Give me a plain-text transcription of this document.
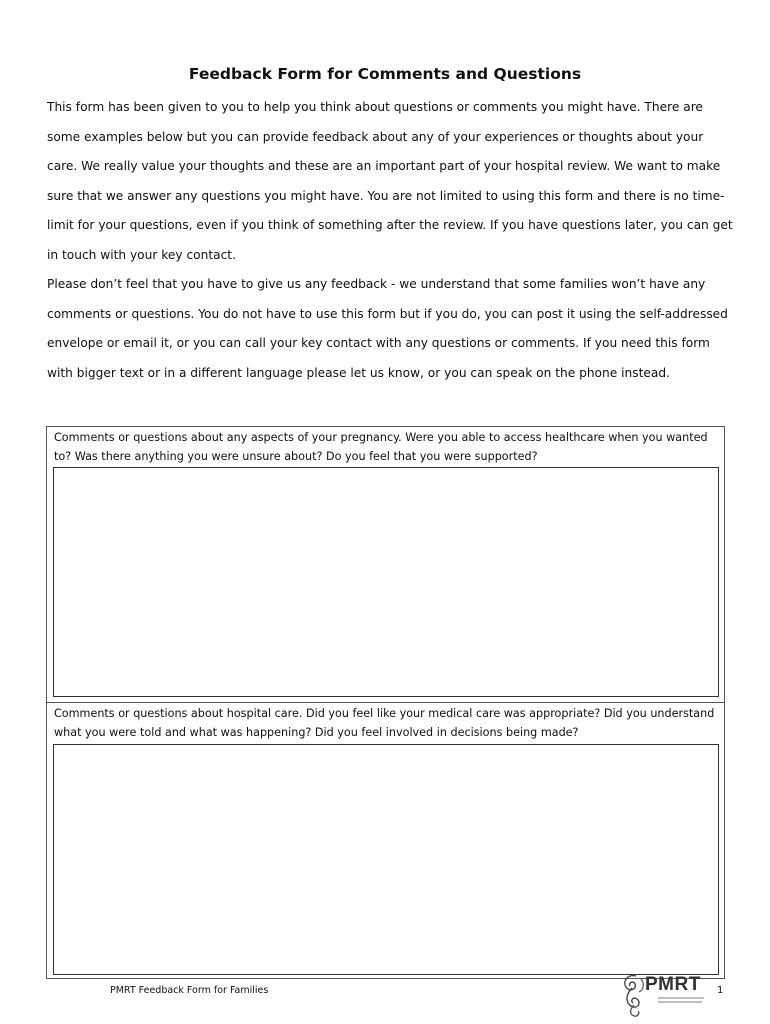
Feedback Form for Comments and Questions

This form has been given to you to help you think about questions or comments you might have. There are some examples below but you can provide feedback about any of your experiences or thoughts about your care. We really value your thoughts and these are an important part of your hospital review. We want to make sure that we answer any questions you might have. You are not limited to using this form and there is no time-limit for your questions, even if you think of something after the review. If you have questions later, you can get in touch with your key contact.

Please don’t feel that you have to give us any feedback - we understand that some families won’t have any comments or questions. You do not have to use this form but if you do, you can post it using the self-addressed envelope or email it, or you can call your key contact with any questions or comments. If you need this form with bigger text or in a different language please let us know, or you can speak on the phone instead.

Comments or questions about any aspects of your pregnancy. Were you able to access healthcare when you wanted to? Was there anything you were unsure about? Do you feel that you were supported?
Comments or questions about hospital care. Did you feel like your medical care was appropriate? Did you understand what you were told and what was happening? Did you feel involved in decisions being made?
PMRT Feedback Form for Families	PMRT 1
